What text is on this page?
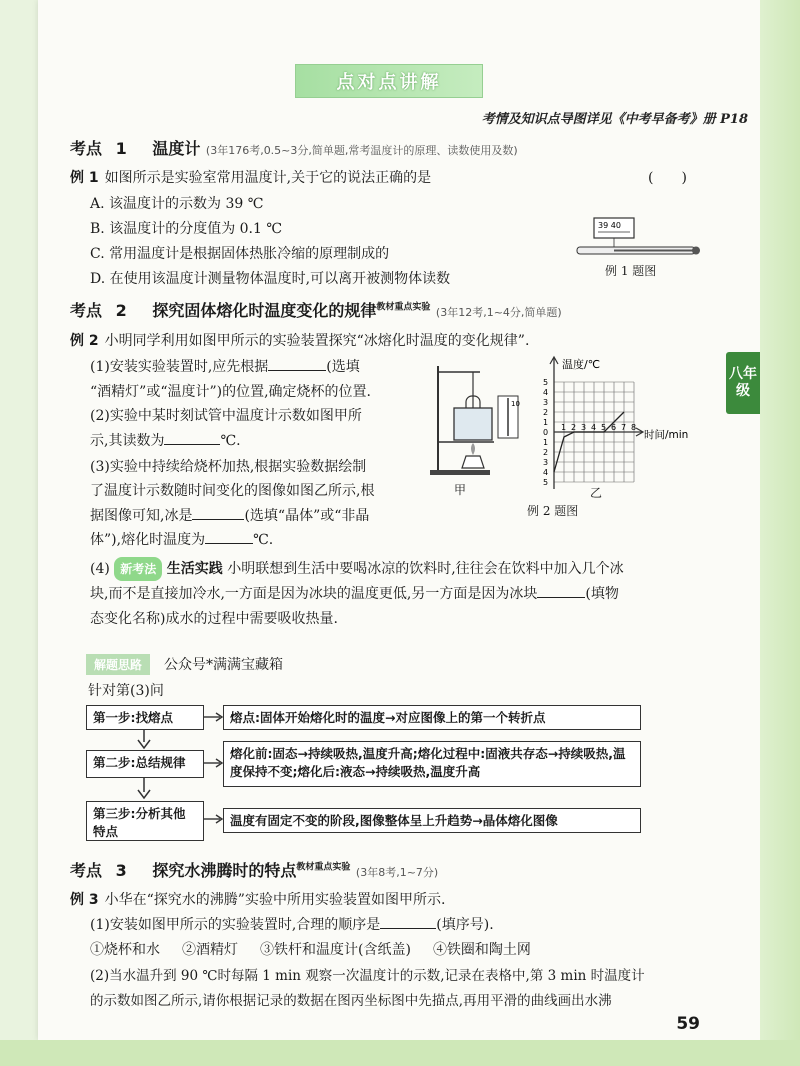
点对点讲解
考情及知识点导图详见《中考早备考》册 P18
八年
级
考点 1 温度计 (3年176考,0.5~3分,简单题,常考温度计的原理、读数使用及数)
例 1 如图所示是实验室常用温度计,关于它的说法正确的是	(　　)
A. 该温度计的示数为 39 ℃
B. 该温度计的分度值为 0.1 ℃
C. 常用温度计是根据固体热胀冷缩的原理制成的
D. 在使用该温度计测量物体温度时,可以离开被测物体读数
39 40
例 1 题图
考点 2 探究固体熔化时温度变化的规律$^{教材重点实验}$ (3年12考,1~4分,简单题)
例 2 小明同学利用如图甲所示的实验装置探究“冰熔化时温度的变化规律”.
(1)安装实验装置时,应先根据	(选填
“酒精灯”或“温度计”)的位置,确定烧杯的位置.
(2)实验中某时刻试管中温度计示数如图甲所
示,其读数为	℃.
(3)实验中持续给烧杯加热,根据实验数据绘制
了温度计示数随时间变化的图像如图乙所示,根
据图像可知,冰是	(选填“晶体”或“非晶
体”),熔化时温度为	℃.
10
甲
温度/℃
时间/min
1 2 3 4 5 6 7 8
5
4
3
2
1
1
2
3
4
5
0
乙
例 2 题图
(4) 新考法 生活实践 小明联想到生活中要喝冰凉的饮料时,往往会在饮料中加入几个冰
块,而不是直接加冷水,一方面是因为冰块的温度更低,另一方面是因为冰块	(填物
态变化名称)成水的过程中需要吸收热量.
解题思路 公众号*满满宝藏箱
针对第(3)问
第一步:找熔点	熔点:固体开始熔化时的温度→对应图像上的第一个转折点
第二步:总结规律
熔化前:固态→持续吸热,温度升高;熔化过程中:固液共存态→持续吸热,温度保持不变;熔化后:液态→持续吸热,温度升高
第三步:分析其他特点
温度有固定不变的阶段,图像整体呈上升趋势→晶体熔化图像
考点 3 探究水沸腾时的特点$^{教材重点实验}$ (3年8考,1~7分)
例 3 小华在“探究水的沸腾”实验中所用实验装置如图甲所示.
(1)安装如图甲所示的实验装置时,合理的顺序是	(填序号).
①烧杯和水 ②酒精灯 ③铁杆和温度计(含纸盖) ④铁圈和陶土网
(2)当水温升到 90 ℃时每隔 1 min 观察一次温度计的示数,记录在表格中,第 3 min 时温度计
的示数如图乙所示,请你根据记录的数据在图丙坐标图中先描点,再用平滑的曲线画出水沸
59
